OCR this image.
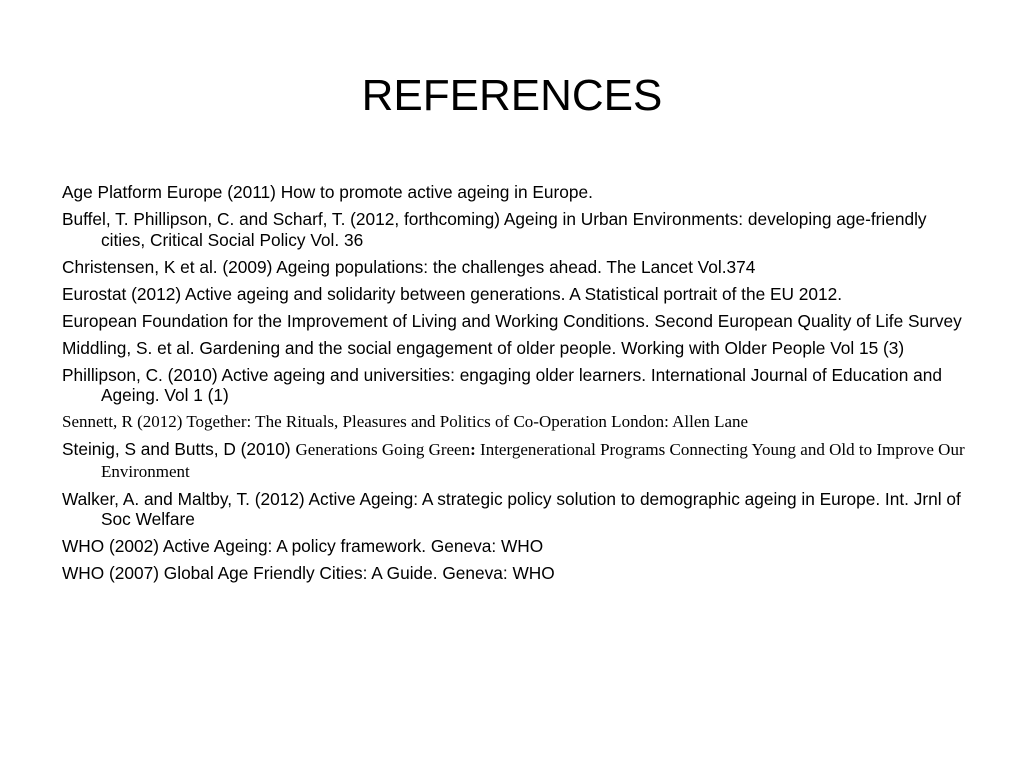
REFERENCES
Age Platform Europe (2011) How to promote active ageing in Europe.
Buffel, T. Phillipson, C. and Scharf, T. (2012, forthcoming) Ageing in Urban Environments: developing age-friendly cities, Critical Social Policy Vol. 36
Christensen, K et al. (2009) Ageing populations: the challenges ahead. The Lancet Vol.374
Eurostat (2012) Active ageing and solidarity between generations. A Statistical portrait of the EU 2012.
European Foundation for the Improvement of Living and Working Conditions. Second European Quality of Life Survey
Middling, S. et al. Gardening and the social engagement of older people. Working with Older People Vol 15 (3)
Phillipson, C. (2010) Active ageing and universities: engaging older learners. International Journal of Education and Ageing. Vol 1 (1)
Sennett, R (2012) Together: The Rituals, Pleasures and Politics of Co-Operation London: Allen Lane
Steinig, S and Butts, D (2010) Generations Going Green: Intergenerational Programs Connecting Young and Old to Improve Our Environment
Walker, A. and Maltby, T. (2012) Active Ageing: A strategic policy solution to demographic ageing in Europe. Int. Jrnl of Soc Welfare
WHO (2002) Active Ageing: A policy framework. Geneva: WHO
WHO (2007) Global Age Friendly Cities: A Guide. Geneva: WHO
